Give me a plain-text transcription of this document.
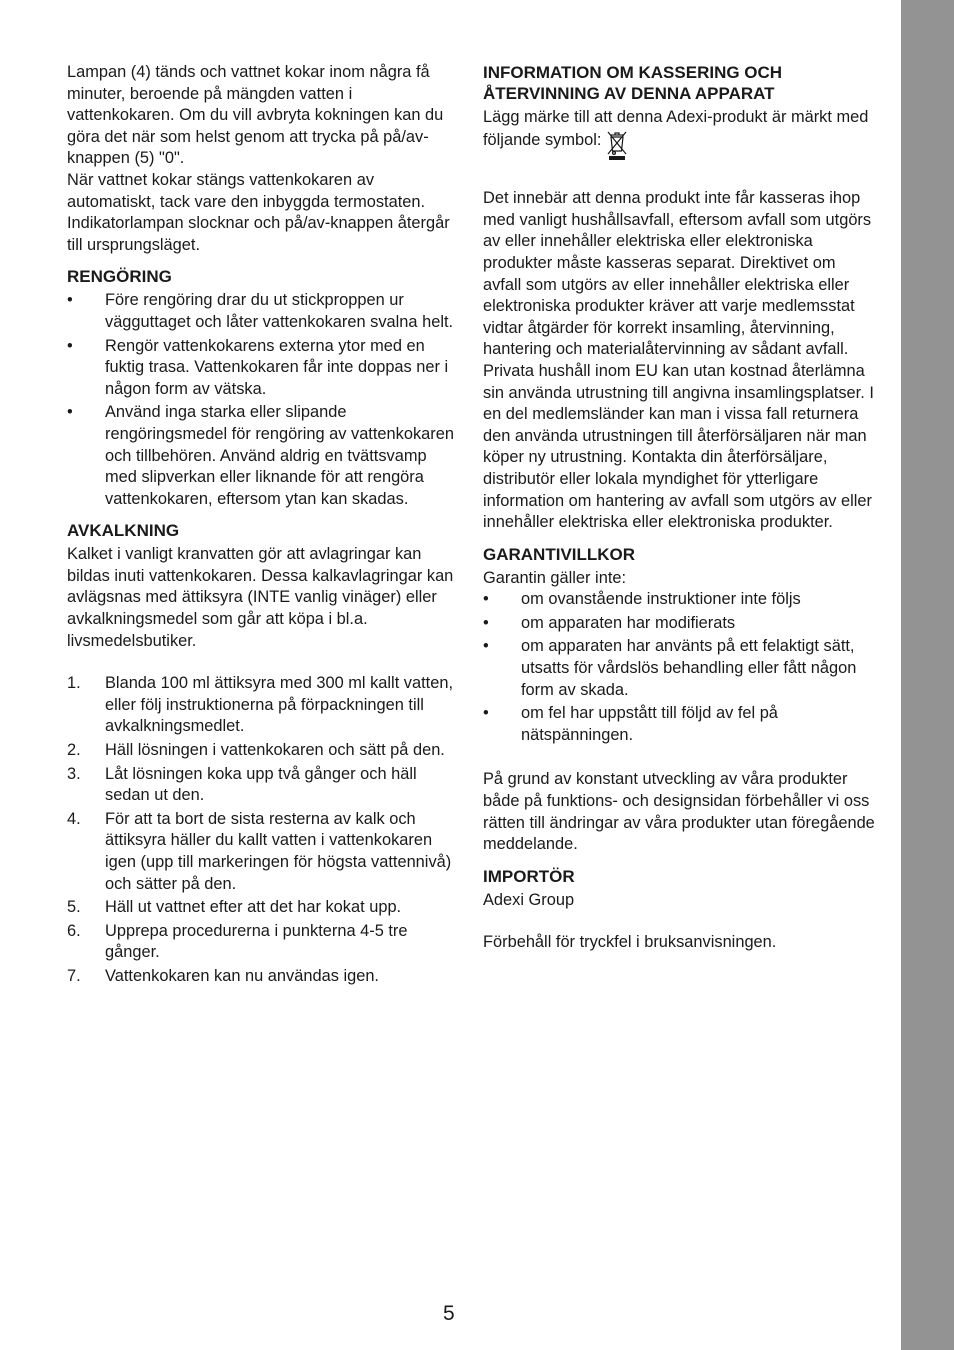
Lampan (4) tänds och vattnet kokar inom några få minuter, beroende på mängden vatten i vattenkokaren. Om du vill avbryta kokningen kan du göra det när som helst genom att trycka på på/av-knappen (5) "0".

När vattnet kokar stängs vattenkokaren av automatiskt, tack vare den inbyggda termostaten. Indikatorlampan slocknar och på/av-knappen återgår till ursprungsläget.

RENGÖRING
• Före rengöring drar du ut stickproppen ur vägguttaget och låter vattenkokaren svalna helt.
• Rengör vattenkokarens externa ytor med en fuktig trasa. Vattenkokaren får inte doppas ner i någon form av vätska.
• Använd inga starka eller slipande rengöringsmedel för rengöring av vattenkokaren och tillbehören. Använd aldrig en tvättsvamp med slipverkan eller liknande för att rengöra vattenkokaren, eftersom ytan kan skadas.
AVKALKNING

Kalket i vanligt kranvatten gör att avlagringar kan bildas inuti vattenkokaren. Dessa kalkavlagringar kan avlägsnas med ättiksyra (INTE vanlig vinäger) eller avkalkningsmedel som går att köpa i bl.a. livsmedelsbutiker.

1. Blanda 100 ml ättiksyra med 300 ml kallt vatten, eller följ instruktionerna på förpackningen till avkalkningsmedlet.
2. Häll lösningen i vattenkokaren och sätt på den.
3. Låt lösningen koka upp två gånger och häll sedan ut den.
4. För att ta bort de sista resterna av kalk och ättiksyra häller du kallt vatten i vattenkokaren igen (upp till markeringen för högsta vattennivå) och sätter på den.
5. Häll ut vattnet efter att det har kokat upp.
6. Upprepa procedurerna i punkterna 4-5 tre gånger.
7. Vattenkokaren kan nu användas igen.
INFORMATION OM KASSERING OCH ÅTERVINNING AV DENNA APPARAT

Lägg märke till att denna Adexi-produkt är märkt med följande symbol:

Det innebär att denna produkt inte får kasseras ihop med vanligt hushållsavfall, eftersom avfall som utgörs av eller innehåller elektriska eller elektroniska produkter måste kasseras separat. Direktivet om avfall som utgörs av eller innehåller elektriska eller elektroniska produkter kräver att varje medlemsstat vidtar åtgärder för korrekt insamling, återvinning, hantering och materialåtervinning av sådant avfall. Privata hushåll inom EU kan utan kostnad återlämna sin använda utrustning till angivna insamlingsplatser. I en del medlemsländer kan man i vissa fall returnera den använda utrustningen till återförsäljaren när man köper ny utrustning. Kontakta din återförsäljare, distributör eller lokala myndighet för ytterligare information om hantering av avfall som utgörs av eller innehåller elektriska eller elektroniska produkter.

GARANTIVILLKOR

Garantin gäller inte:

• om ovanstående instruktioner inte följs
• om apparaten har modifierats
• om apparaten har använts på ett felaktigt sätt, utsatts för vårdslös behandling eller fått någon form av skada.
• om fel har uppstått till följd av fel på nätspänningen.

På grund av konstant utveckling av våra produkter både på funktions- och designsidan förbehåller vi oss rätten till ändringar av våra produkter utan föregående meddelande.

IMPORTÖR

Adexi Group

Förbehåll för tryckfel i bruksanvisningen.

5
